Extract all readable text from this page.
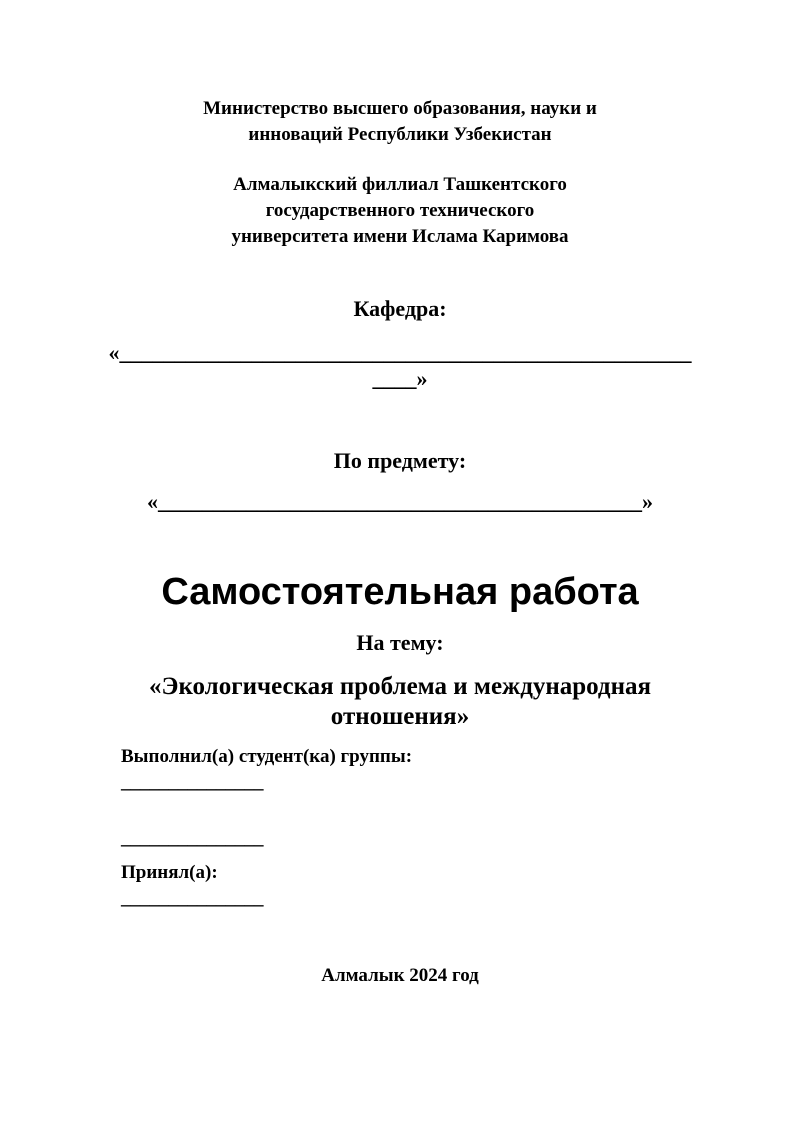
Министерство высшего образования, науки и
инноваций Республики Узбекистан
Алмалыкский филлиал Ташкентского
государственного технического
университета имени Ислама Каримова
Кафедра:
«____________________________________________________
____»
По предмету:
«____________________________________________»
Самостоятельная работа
На тему:
«Экологическая проблема и международная
отношения»
Выполнил(а) студент(ка) группы:
_______________
_______________
Принял(а):
_______________
Алмалык 2024 год
